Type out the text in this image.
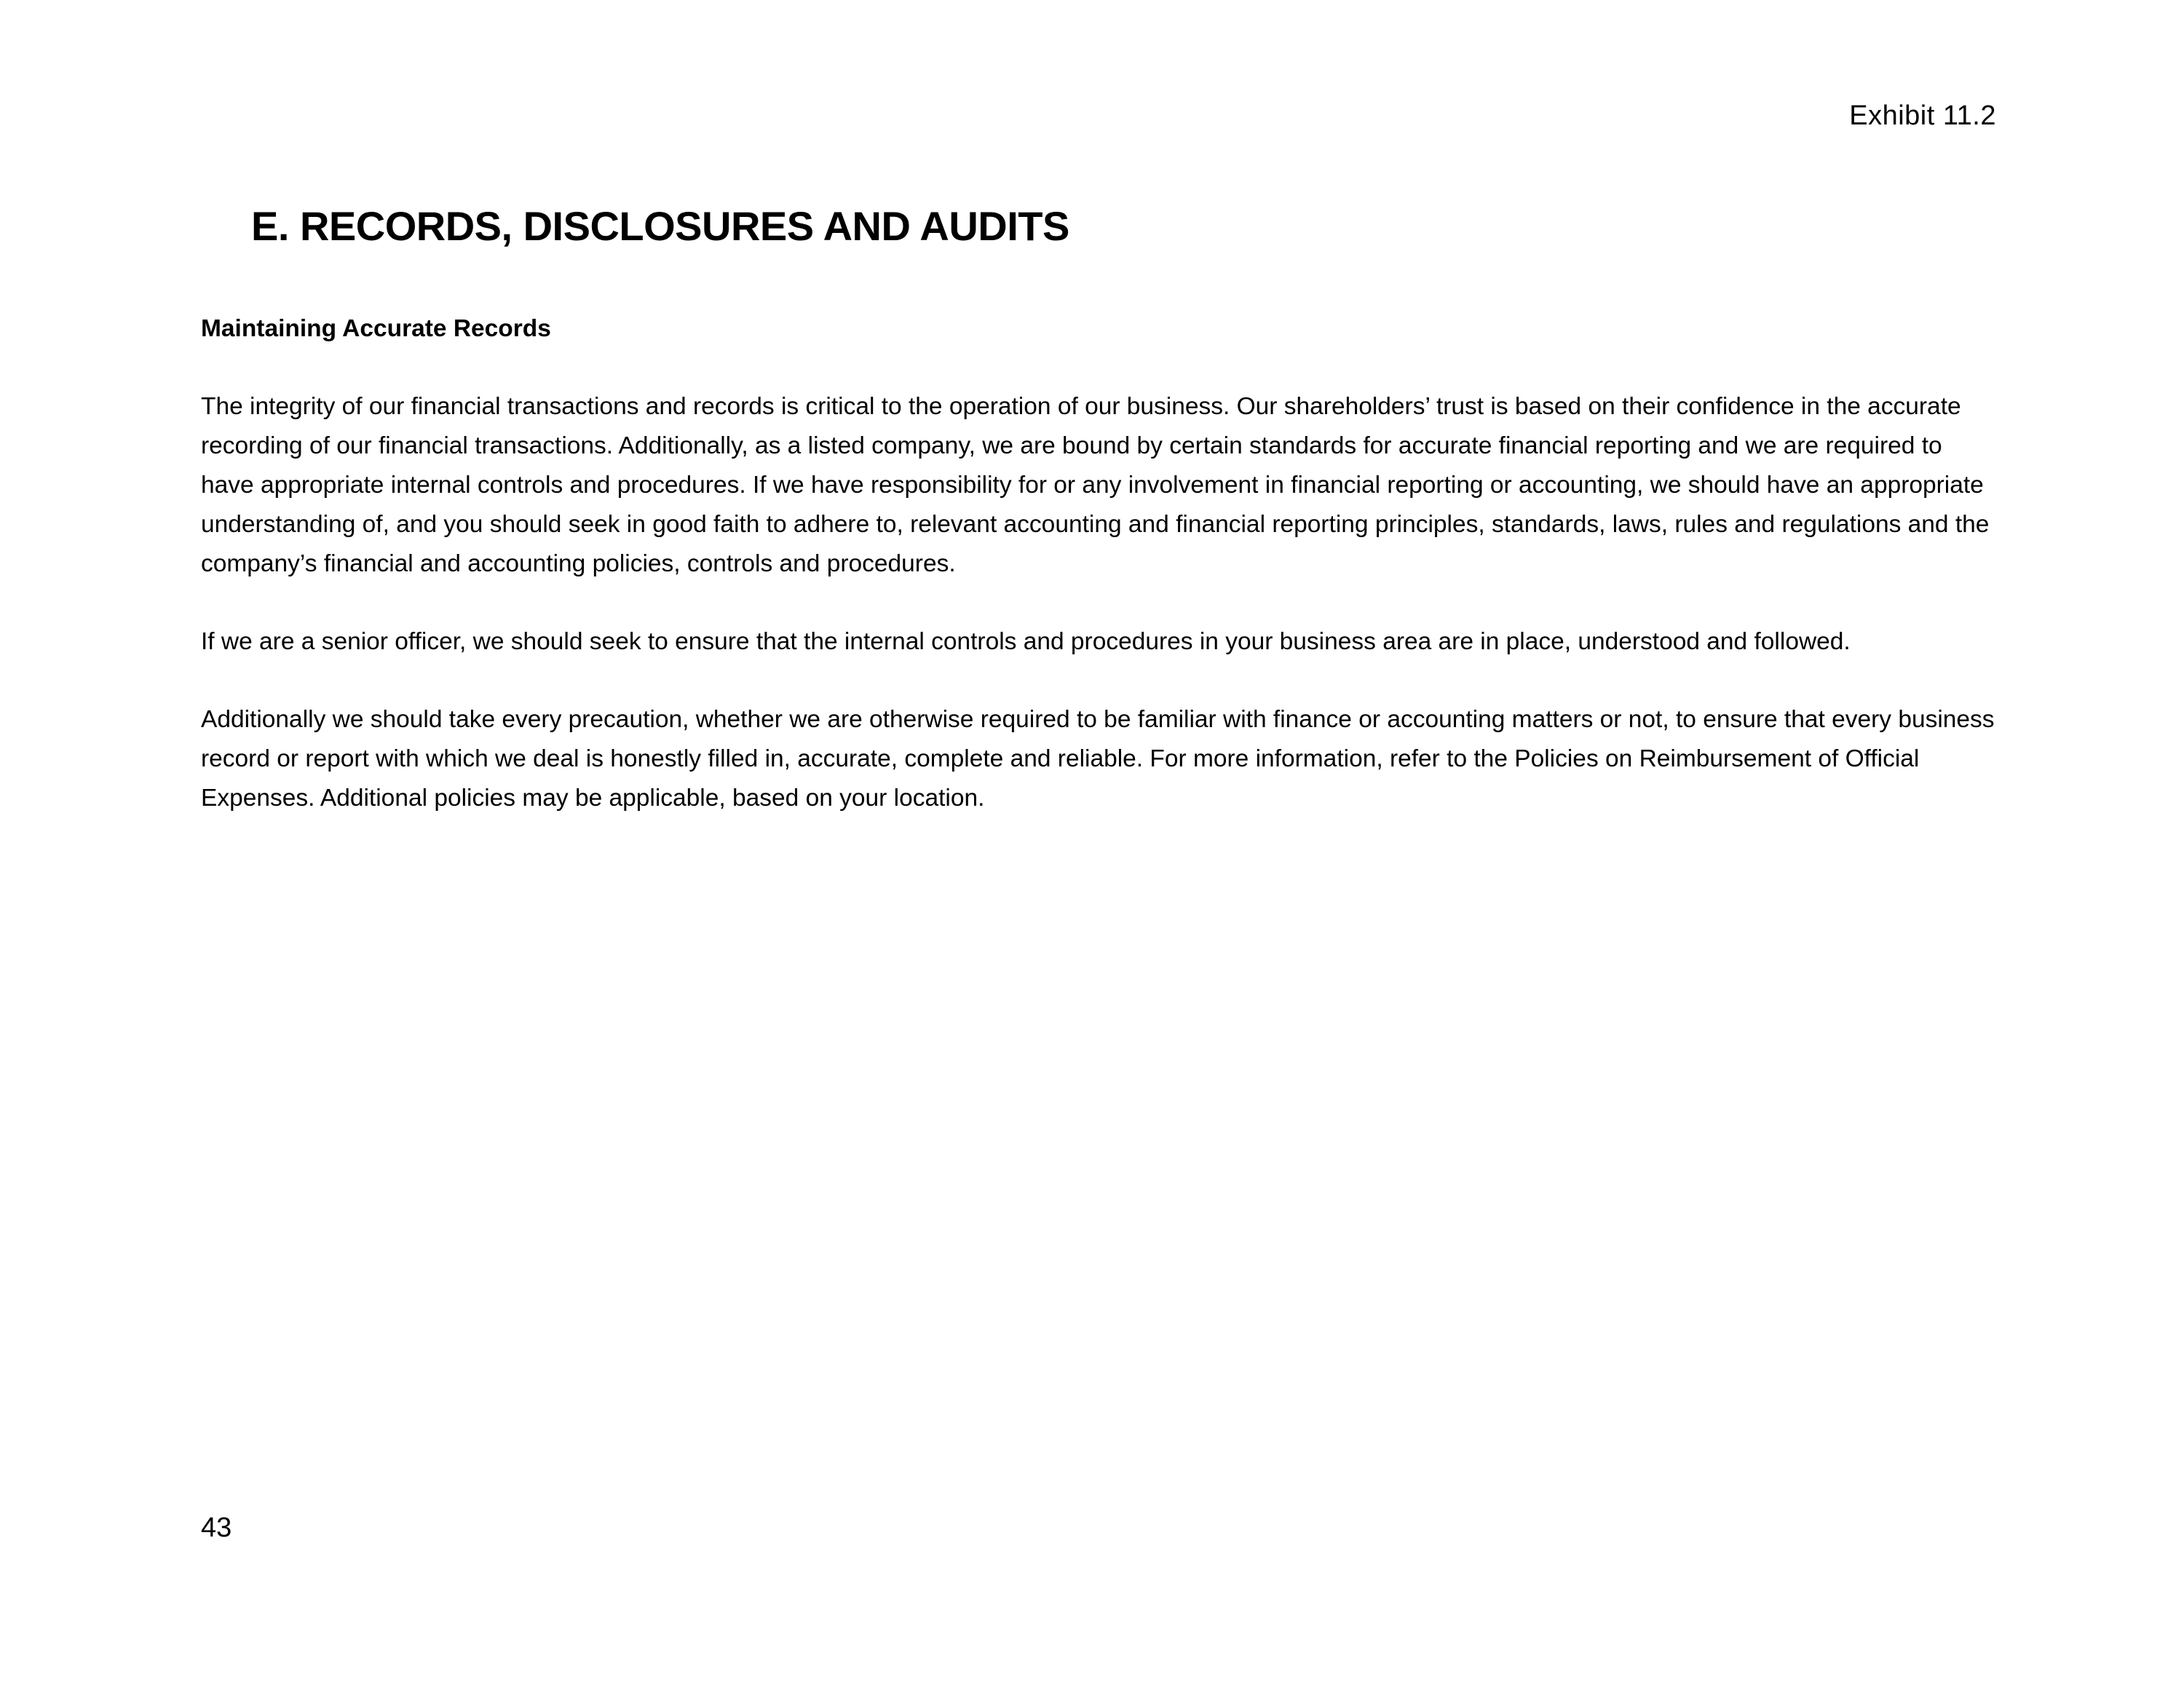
Exhibit 11.2
E. RECORDS, DISCLOSURES AND AUDITS

Maintaining Accurate Records

The integrity of our financial transactions and records is critical to the operation of our business. Our shareholders’ trust is based on their confidence in the accurate recording of our financial transactions. Additionally, as a listed company, we are bound by certain standards for accurate financial reporting and we are required to have appropriate internal controls and procedures. If we have responsibility for or any involvement in financial reporting or accounting, we should have an appropriate understanding of, and you should seek in good faith to adhere to, relevant accounting and financial reporting principles, standards, laws, rules and regulations and the company’s financial and accounting policies, controls and procedures.

If we are a senior officer, we should seek to ensure that the internal controls and procedures in your business area are in place, understood and followed.

Additionally we should take every precaution, whether we are otherwise required to be familiar with finance or accounting matters or not, to ensure that every business record or report with which we deal is honestly filled in, accurate, complete and reliable. For more information, refer to the Policies on Reimbursement of Official Expenses. Additional policies may be applicable, based on your location.

43
